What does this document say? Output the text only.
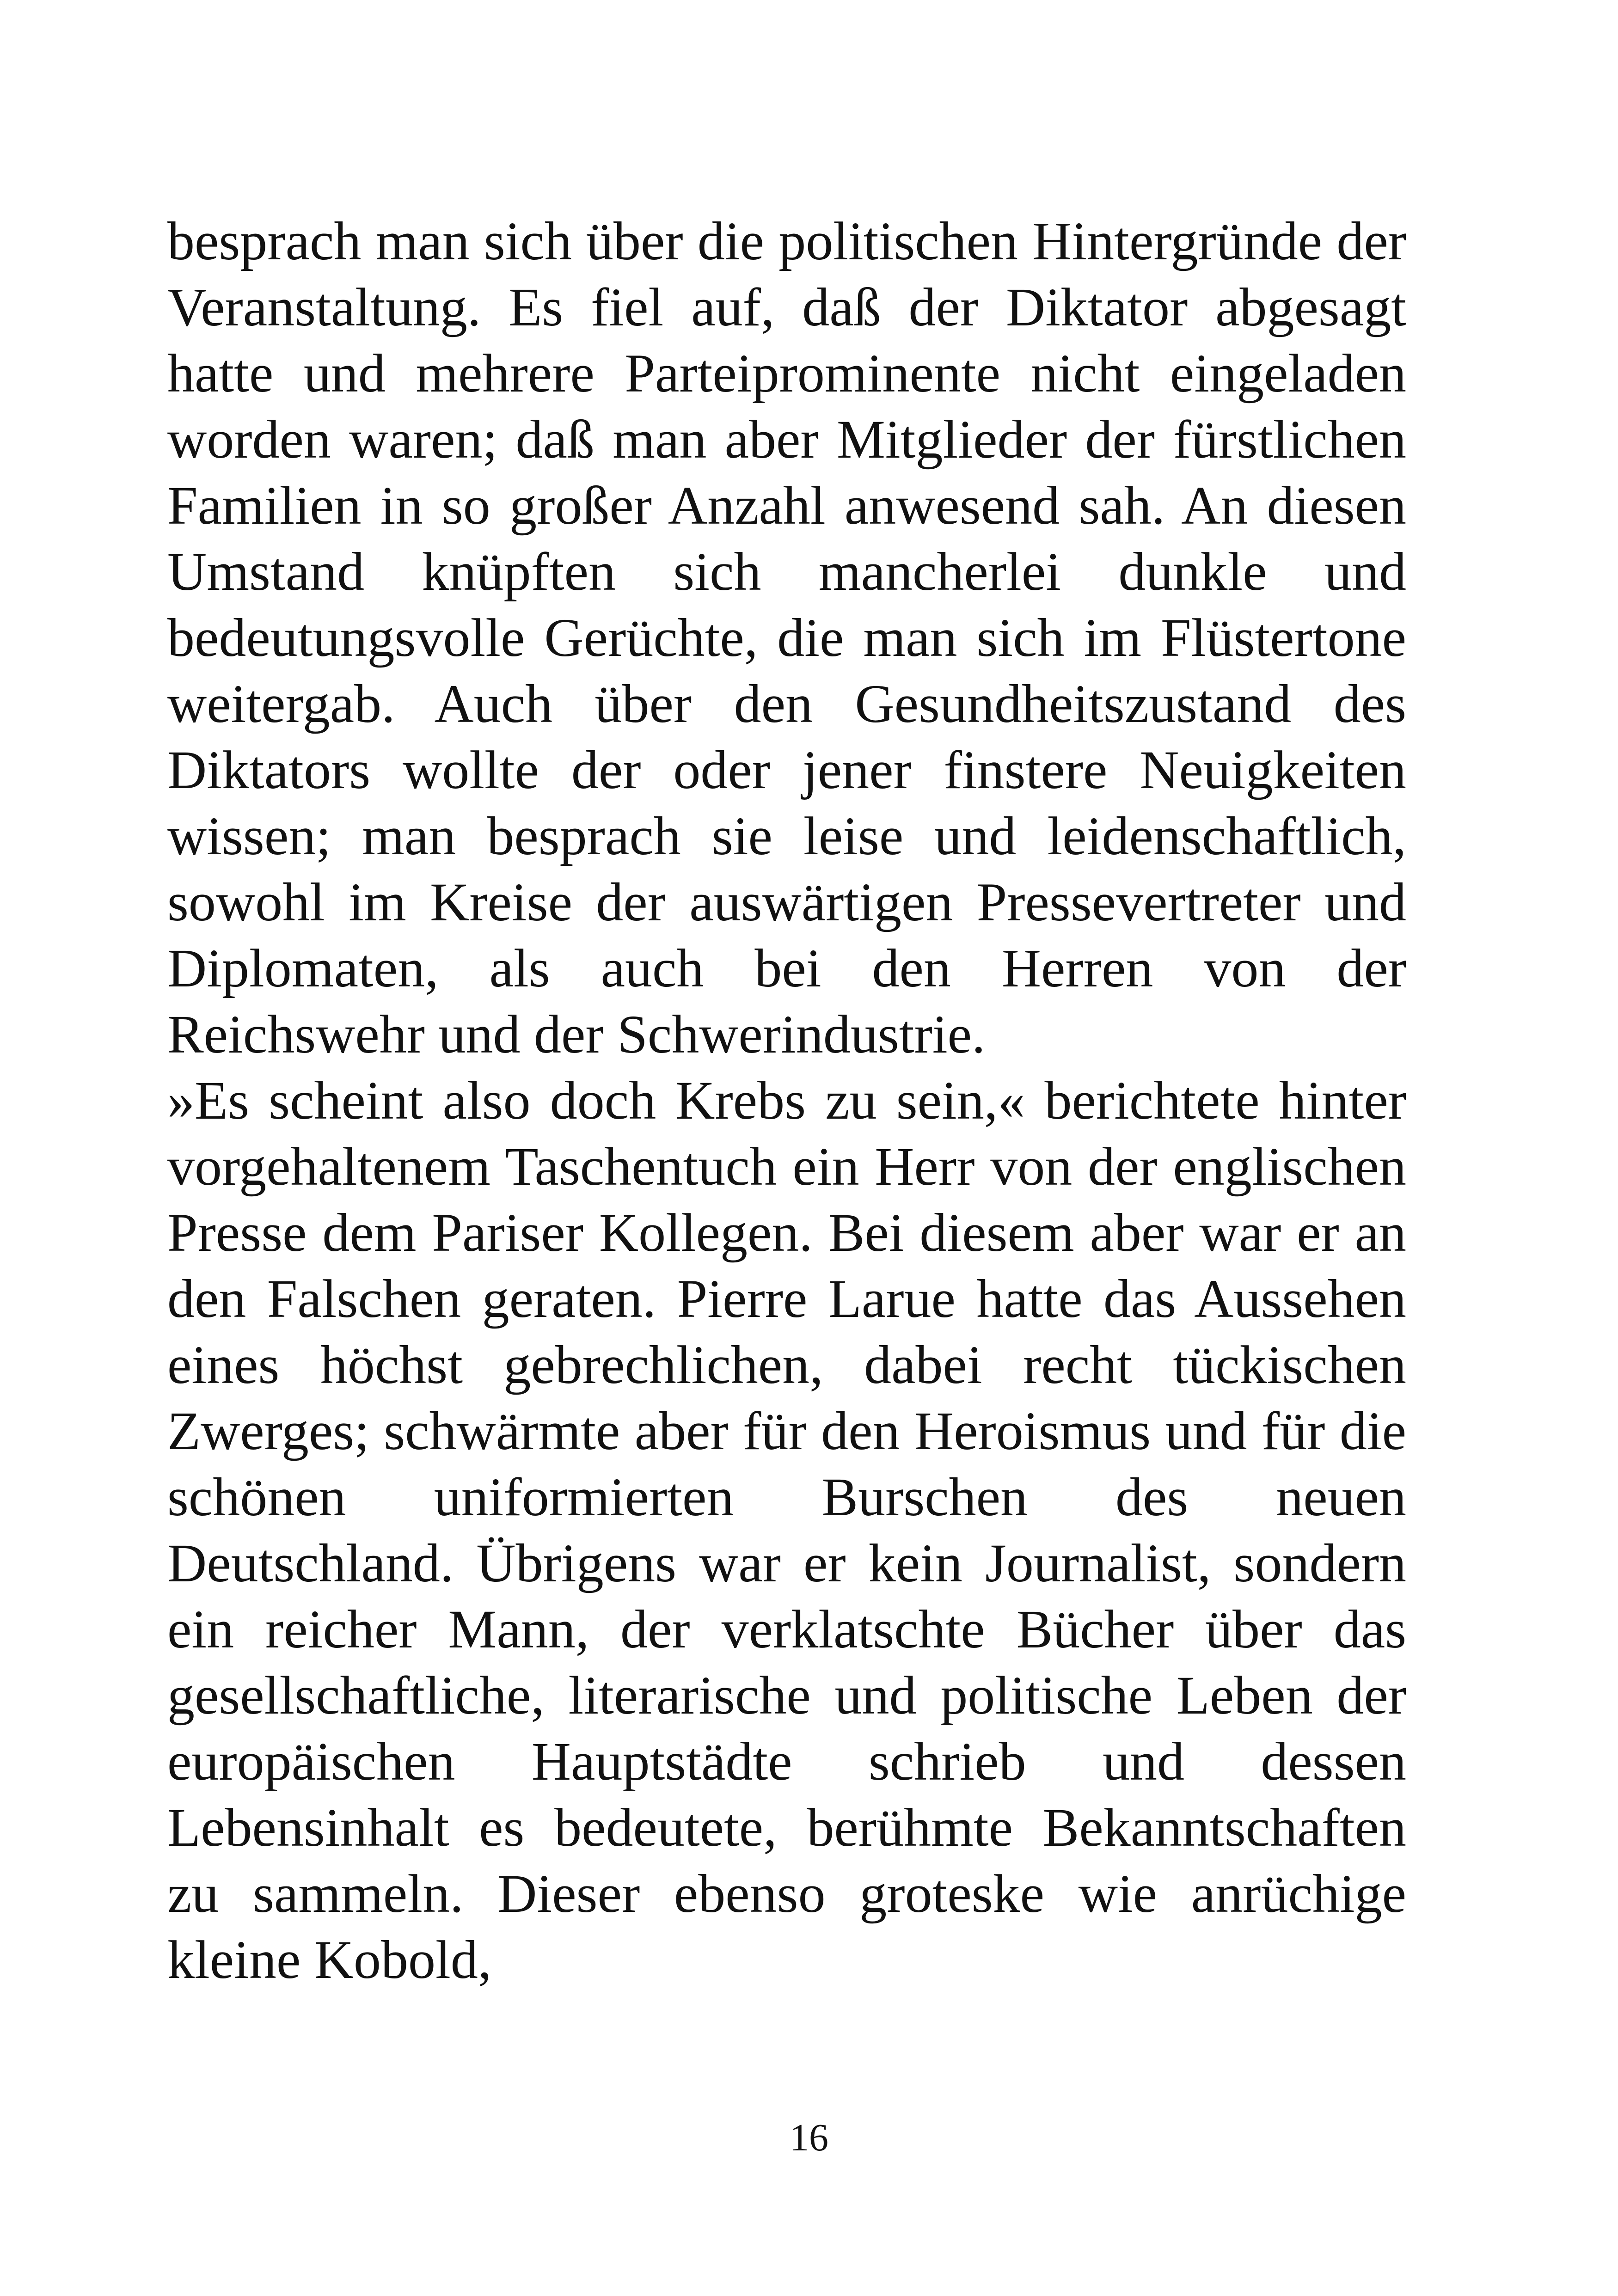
besprach man sich über die politischen Hintergründe der Veranstaltung. Es fiel auf, daß der Diktator abgesagt hatte und mehrere Parteiprominente nicht eingeladen worden waren; daß man aber Mitglieder der fürstlichen Familien in so großer Anzahl anwesend sah. An diesen Umstand knüpften sich mancherlei dunkle und bedeutungsvolle Gerüchte, die man sich im Flüstertone weitergab. Auch über den Gesundheitszustand des Diktators wollte der oder jener finstere Neuigkeiten wissen; man besprach sie leise und leidenschaftlich, sowohl im Kreise der auswärtigen Pressevertreter und Diplomaten, als auch bei den Herren von der Reichswehr und der Schwerindustrie.

»Es scheint also doch Krebs zu sein,« berichtete hinter vorgehaltenem Taschentuch ein Herr von der englischen Presse dem Pariser Kollegen. Bei diesem aber war er an den Falschen geraten. Pierre Larue hatte das Aussehen eines höchst gebrechlichen, dabei recht tückischen Zwerges; schwärmte aber für den Heroismus und für die schönen uniformierten Burschen des neuen Deutschland. Übrigens war er kein Journalist, sondern ein reicher Mann, der verklatschte Bücher über das gesellschaftliche, literarische und politische Leben der europäischen Hauptstädte schrieb und dessen Lebensinhalt es bedeutete, berühmte Bekanntschaften zu sammeln. Dieser ebenso groteske wie anrüchige kleine Kobold,

16
